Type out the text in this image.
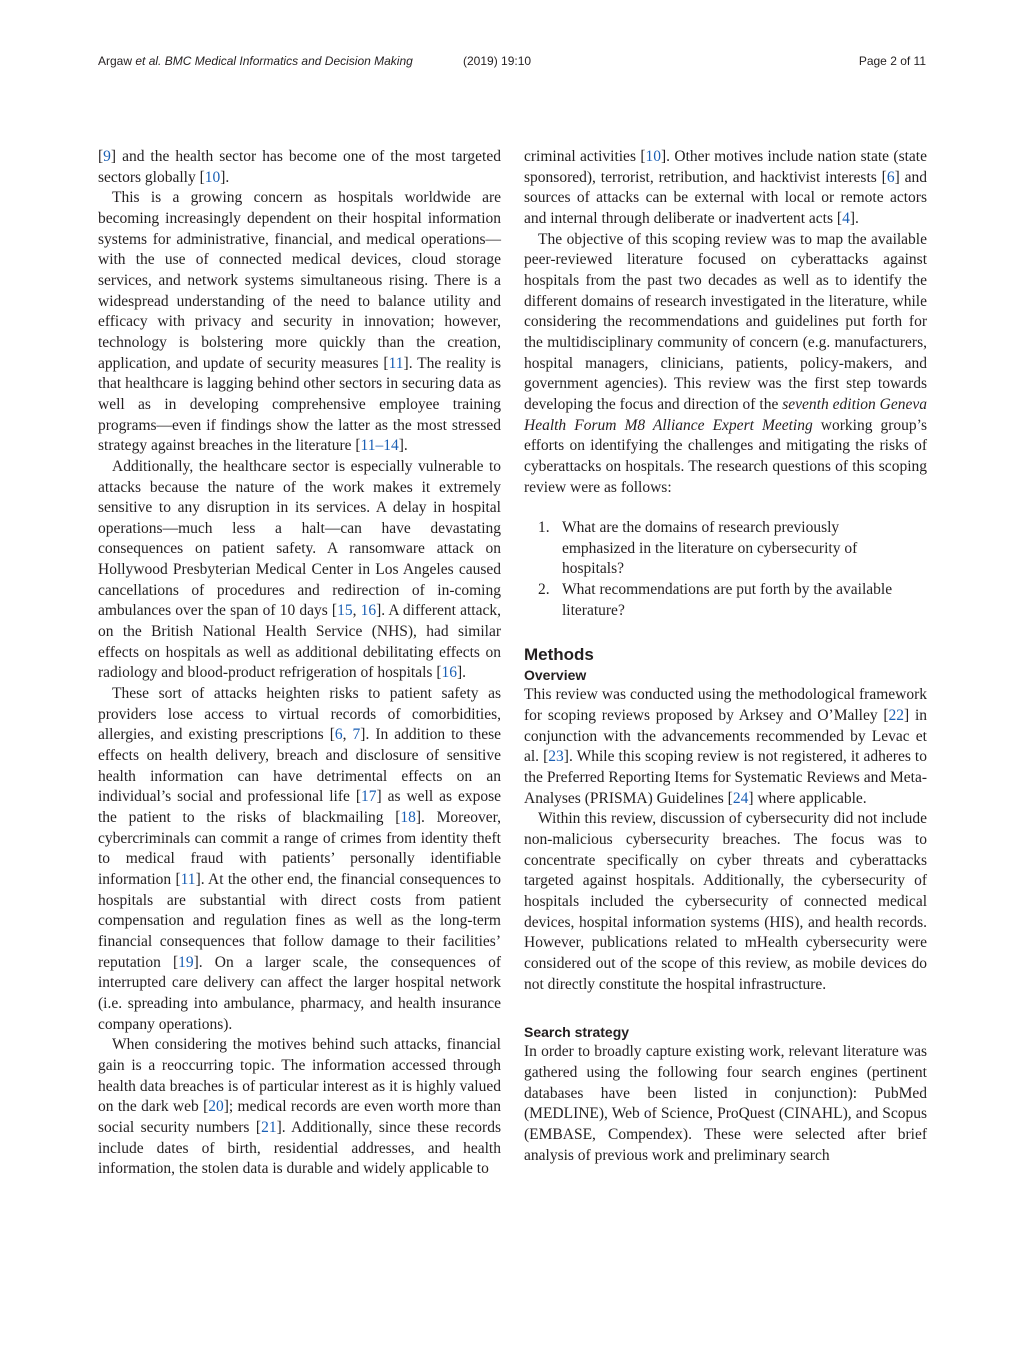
Argaw et al. BMC Medical Informatics and Decision Making	(2019) 19:10	Page 2 of 11

[9] and the health sector has become one of the most targeted sectors globally [10].

This is a growing concern as hospitals worldwide are becoming increasingly dependent on their hospital information systems for administrative, financial, and medical operations—with the use of connected medical devices, cloud storage services, and network systems simultaneous rising. There is a widespread understanding of the need to balance utility and efficacy with privacy and security in innovation; however, technology is bolstering more quickly than the creation, application, and update of security measures [11]. The reality is that healthcare is lagging behind other sectors in securing data as well as in developing comprehensive employee training programs—even if findings show the latter as the most stressed strategy against breaches in the literature [11–14].

Additionally, the healthcare sector is especially vulnerable to attacks because the nature of the work makes it extremely sensitive to any disruption in its services. A delay in hospital operations—much less a halt—can have devastating consequences on patient safety. A ransomware attack on Hollywood Presbyterian Medical Center in Los Angeles caused cancellations of procedures and redirection of in-coming ambulances over the span of 10 days [15, 16]. A different attack, on the British National Health Service (NHS), had similar effects on hospitals as well as additional debilitating effects on radiology and blood-product refrigeration of hospitals [16].

These sort of attacks heighten risks to patient safety as providers lose access to virtual records of comorbidities, allergies, and existing prescriptions [6, 7]. In addition to these effects on health delivery, breach and disclosure of sensitive health information can have detrimental effects on an individual’s social and professional life [17] as well as expose the patient to the risks of blackmailing [18]. Moreover, cybercriminals can commit a range of crimes from identity theft to medical fraud with patients’ personally identifiable information [11]. At the other end, the financial consequences to hospitals are substantial with direct costs from patient compensation and regulation fines as well as the long-term financial consequences that follow damage to their facilities’ reputation [19]. On a larger scale, the consequences of interrupted care delivery can affect the larger hospital network (i.e. spreading into ambulance, pharmacy, and health insurance company operations).

When considering the motives behind such attacks, financial gain is a reoccurring topic. The information accessed through health data breaches is of particular interest as it is highly valued on the dark web [20]; medical records are even worth more than social security numbers [21]. Additionally, since these records include dates of birth, residential addresses, and health information, the stolen data is durable and widely applicable to

criminal activities [10]. Other motives include nation state (state sponsored), terrorist, retribution, and hacktivist interests [6] and sources of attacks can be external with local or remote actors and internal through deliberate or inadvertent acts [4].

The objective of this scoping review was to map the available peer-reviewed literature focused on cyberattacks against hospitals from the past two decades as well as to identify the different domains of research investigated in the literature, while considering the recommendations and guidelines put forth for the multidisciplinary community of concern (e.g. manufacturers, hospital managers, clinicians, patients, policy-makers, and government agencies). This review was the first step towards developing the focus and direction of the seventh edition Geneva Health Forum M8 Alliance Expert Meeting working group’s efforts on identifying the challenges and mitigating the risks of cyberattacks on hospitals. The research questions of this scoping review were as follows:

1. What are the domains of research previously emphasized in the literature on cybersecurity of hospitals?
2. What recommendations are put forth by the available literature?
Methods
Overview

This review was conducted using the methodological framework for scoping reviews proposed by Arksey and O’Malley [22] in conjunction with the advancements recommended by Levac et al. [23]. While this scoping review is not registered, it adheres to the Preferred Reporting Items for Systematic Reviews and Meta-Analyses (PRISMA) Guidelines [24] where applicable.

Within this review, discussion of cybersecurity did not include non-malicious cybersecurity breaches. The focus was to concentrate specifically on cyber threats and cyberattacks targeted against hospitals. Additionally, the cybersecurity of hospitals included the cybersecurity of connected medical devices, hospital information systems (HIS), and health records. However, publications related to mHealth cybersecurity were considered out of the scope of this review, as mobile devices do not directly constitute the hospital infrastructure.

Search strategy

In order to broadly capture existing work, relevant literature was gathered using the following four search engines (pertinent databases have been listed in conjunction): PubMed (MEDLINE), Web of Science, ProQuest (CINAHL), and Scopus (EMBASE, Compendex). These were selected after brief analysis of previous work and preliminary search
